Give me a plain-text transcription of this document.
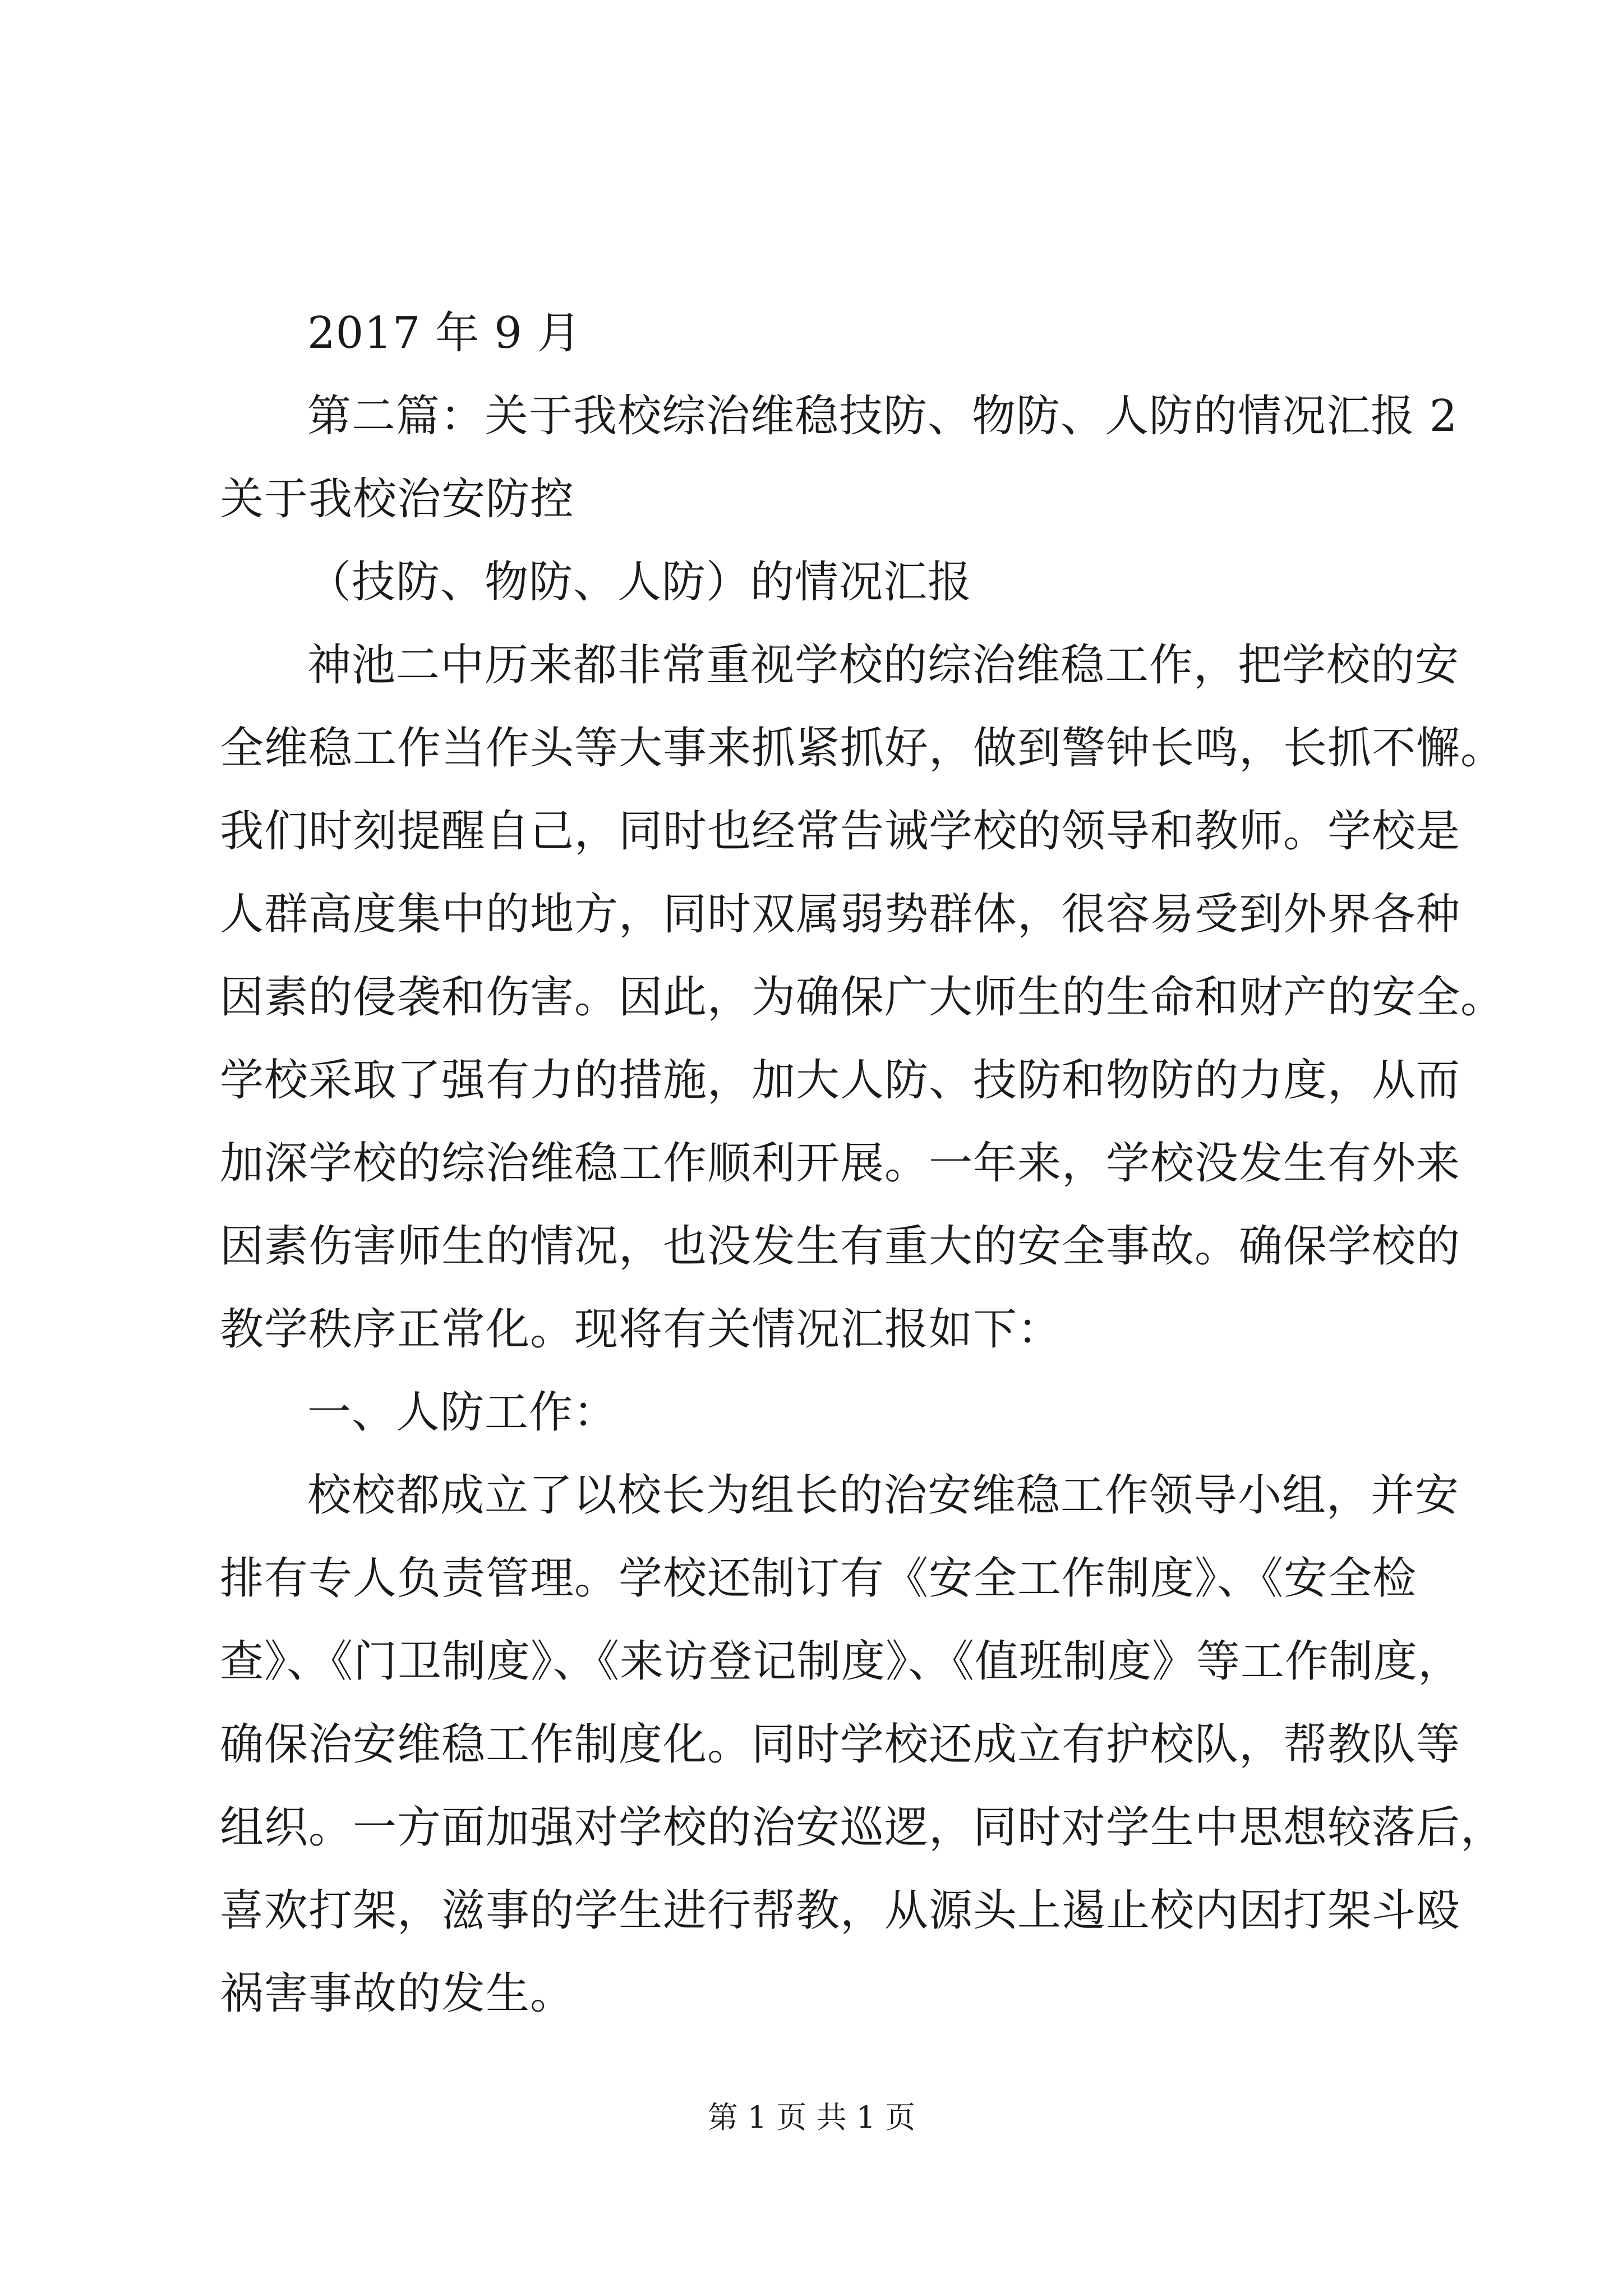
2017 年 9 月
第二篇：关于我校综治维稳技防、物防、人防的情况汇报 2
关于我校治安防控
（技防、物防、人防）的情况汇报
神池二中历来都非常重视学校的综治维稳工作，把学校的安
全维稳工作当作头等大事来抓紧抓好，做到警钟长鸣，长抓不懈。
我们时刻提醒自己，同时也经常告诫学校的领导和教师。学校是
人群高度集中的地方，同时双属弱势群体，很容易受到外界各种
因素的侵袭和伤害。因此，为确保广大师生的生命和财产的安全。
学校采取了强有力的措施，加大人防、技防和物防的力度，从而
加深学校的综治维稳工作顺利开展。一年来，学校没发生有外来
因素伤害师生的情况，也没发生有重大的安全事故。确保学校的
教学秩序正常化。现将有关情况汇报如下：
一、人防工作：
校校都成立了以校长为组长的治安维稳工作领导小组，并安
排有专人负责管理。学校还制订有《安全工作制度》、《安全检
查》、《门卫制度》、《来访登记制度》、《值班制度》等工作制度，
确保治安维稳工作制度化。同时学校还成立有护校队，帮教队等
组织。一方面加强对学校的治安巡逻，同时对学生中思想较落后，
喜欢打架，滋事的学生进行帮教，从源头上遏止校内因打架斗殴
祸害事故的发生。
第 1 页 共 1 页
